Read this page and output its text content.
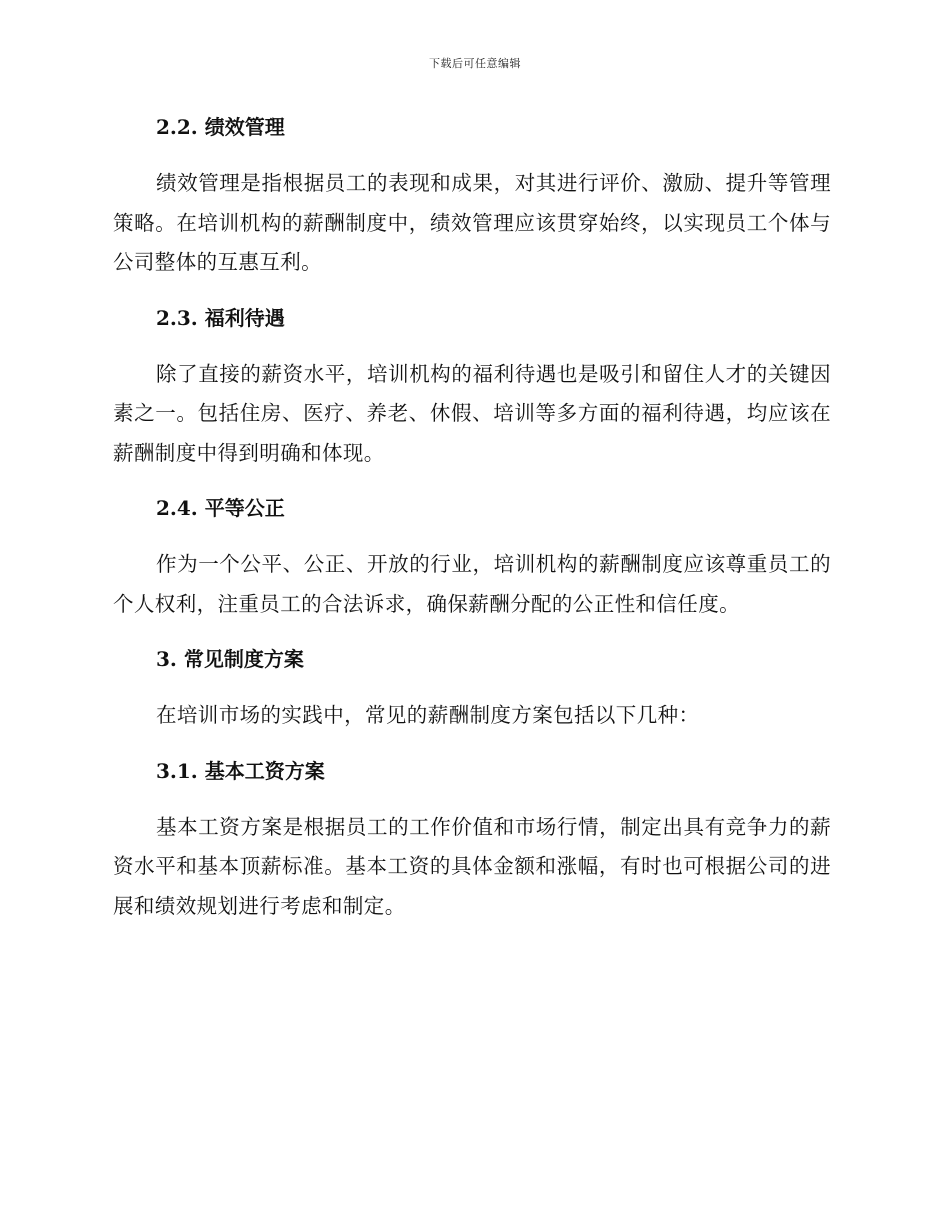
下载后可任意编辑
2.2. 绩效管理

绩效管理是指根据员工的表现和成果，对其进行评价、激励、提升等管理策略。在培训机构的薪酬制度中，绩效管理应该贯穿始终，以实现员工个体与公司整体的互惠互利。

2.3. 福利待遇

除了直接的薪资水平，培训机构的福利待遇也是吸引和留住人才的关键因素之一。包括住房、医疗、养老、休假、培训等多方面的福利待遇，均应该在薪酬制度中得到明确和体现。

2.4. 平等公正

作为一个公平、公正、开放的行业，培训机构的薪酬制度应该尊重员工的个人权利，注重员工的合法诉求，确保薪酬分配的公正性和信任度。

3. 常见制度方案

在培训市场的实践中，常见的薪酬制度方案包括以下几种：

3.1. 基本工资方案

基本工资方案是根据员工的工作价值和市场行情，制定出具有竞争力的薪资水平和基本顶薪标准。基本工资的具体金额和涨幅，有时也可根据公司的进展和绩效规划进行考虑和制定。
